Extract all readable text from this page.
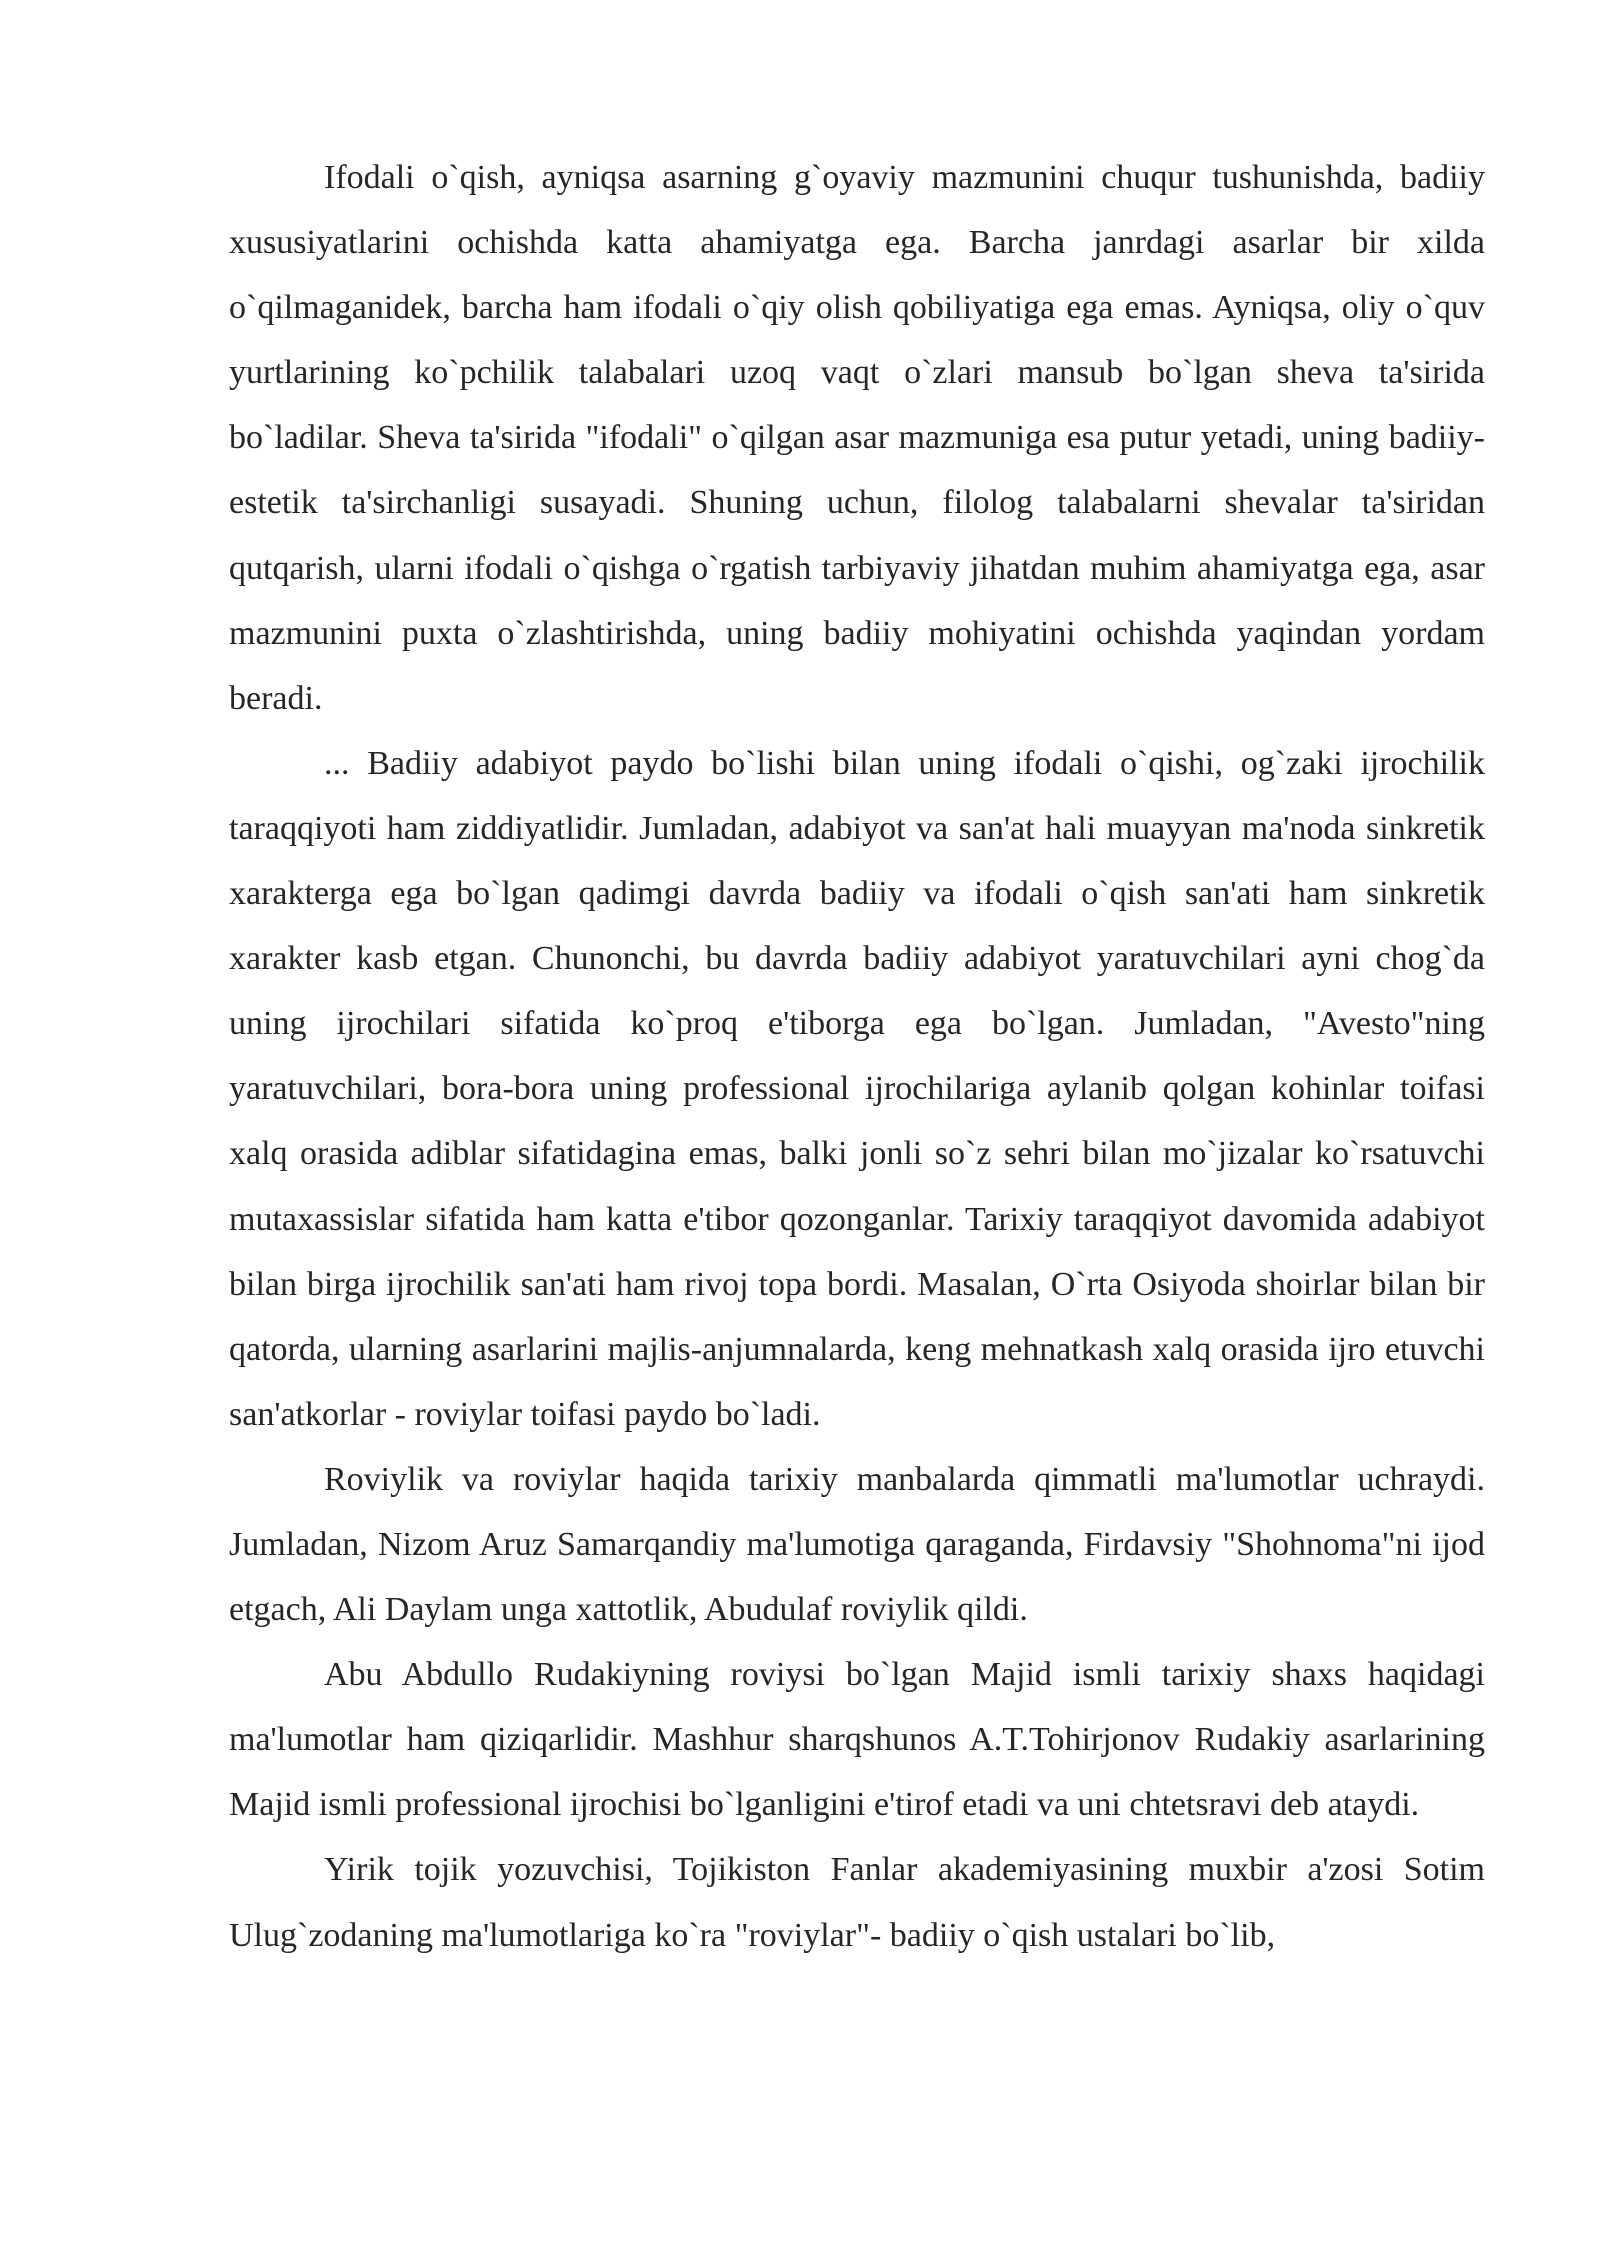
Ifodali o`qish, ayniqsa asarning g`oyaviy mazmunini chuqur tushunishda, badiiy xususiyatlarini ochishda katta ahamiyatga ega. Barcha janrdagi asarlar bir xilda o`qilmaganidek, barcha ham ifodali o`qiy olish qobiliyatiga ega emas. Ayniqsa, oliy o`quv yurtlarining ko`pchilik talabalari uzoq vaqt o`zlari mansub bo`lgan sheva ta'sirida bo`ladilar. Sheva ta'sirida "ifodali" o`qilgan asar mazmuniga esa putur yetadi, uning badiiy-estetik ta'sirchanligi susayadi. Shuning uchun, filolog talabalarni shevalar ta'siridan qutqarish, ularni ifodali o`qishga o`rgatish tarbiyaviy jihatdan muhim ahamiyatga ega, asar mazmunini puxta o`zlashtirishda, uning badiiy mohiyatini ochishda yaqindan yordam beradi.

... Badiiy adabiyot paydo bo`lishi bilan uning ifodali o`qishi, og`zaki ijrochilik taraqqiyoti ham ziddiyatlidir. Jumladan, adabiyot va san'at hali muayyan ma'noda sinkretik xarakterga ega bo`lgan qadimgi davrda badiiy va ifodali o`qish san'ati ham sinkretik xarakter kasb etgan. Chunonchi, bu davrda badiiy adabiyot yaratuvchilari ayni chog`da uning ijrochilari sifatida ko`proq e'tiborga ega bo`lgan. Jumladan, "Avesto"ning yaratuvchilari, bora-bora uning professional ijrochilariga aylanib qolgan kohinlar toifasi xalq orasida adiblar sifatidagina emas, balki jonli so`z sehri bilan mo`jizalar ko`rsatuvchi mutaxassislar sifatida ham katta e'tibor qozonganlar. Tarixiy taraqqiyot davomida adabiyot bilan birga ijrochilik san'ati ham rivoj topa bordi. Masalan, O`rta Osiyoda shoirlar bilan bir qatorda, ularning asarlarini majlis-anjumnalarda, keng mehnatkash xalq orasida ijro etuvchi san'atkorlar - roviylar toifasi paydo bo`ladi.

Roviylik va roviylar haqida tarixiy manbalarda qimmatli ma'lumotlar uchraydi. Jumladan, Nizom Aruz Samarqandiy ma'lumotiga qaraganda, Firdavsiy "Shohnoma"ni ijod etgach, Ali Daylam unga xattotlik, Abudulaf roviylik qildi.

Abu Abdullo Rudakiyning roviysi bo`lgan Majid ismli tarixiy shaxs haqidagi ma'lumotlar ham qiziqarlidir. Mashhur sharqshunos A.T.Tohirjonov Rudakiy asarlarining Majid ismli professional ijrochisi bo`lganligini e'tirof etadi va uni chtetsravi deb ataydi.

Yirik tojik yozuvchisi, Tojikiston Fanlar akademiyasining muxbir a'zosi Sotim Ulug`zodaning ma'lumotlariga ko`ra "roviylar"- badiiy o`qish ustalari bo`lib,
